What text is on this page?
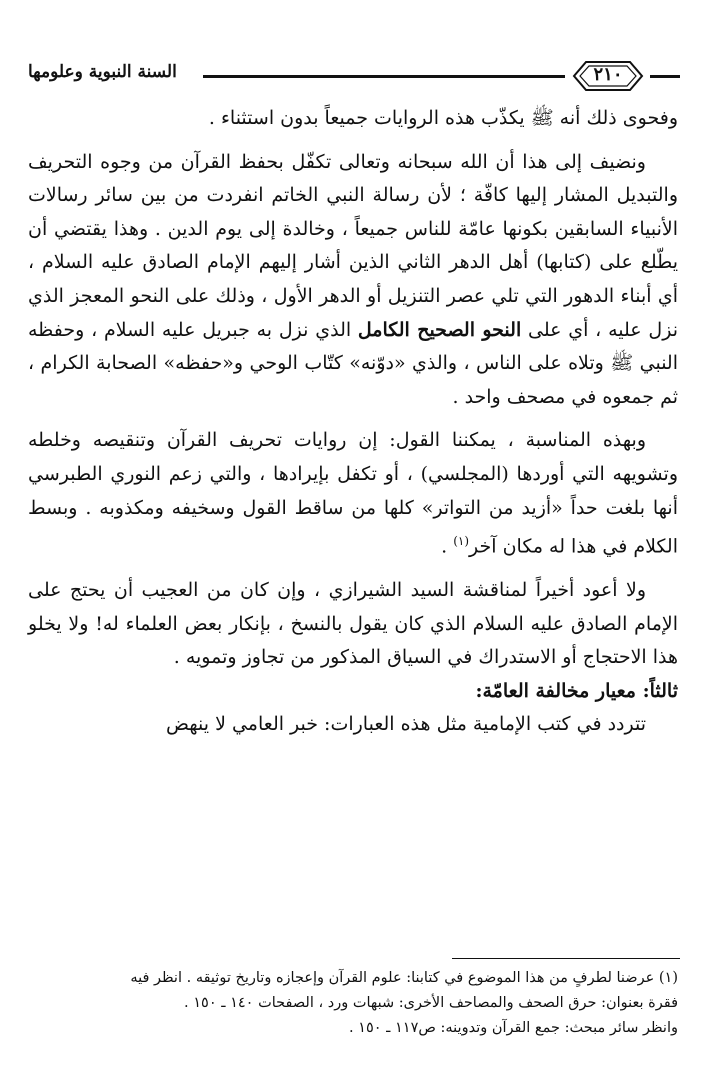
السنة النبوية وعلومها	٢١٠

وفحوى ذلك أنه ﷺ يكذّب هذه الروايات جميعاً بدون استثناء .

ونضيف إلى هذا أن الله سبحانه وتعالى تكفّل بحفظ القرآن من وجوه التحريف والتبديل المشار إليها كافّة ؛ لأن رسالة النبي الخاتم انفردت من بين سائر رسالات الأنبياء السابقين بكونها عامّة للناس جميعاً ، وخالدة إلى يوم الدين . وهذا يقتضي أن يطّلع على (كتابها) أهل الدهر الثاني الذين أشار إليهم الإمام الصادق عليه السلام ، أي أبناء الدهور التي تلي عصر التنزيل أو الدهر الأول ، وذلك على النحو المعجز الذي نزل عليه ، أي على النحو الصحيح الكامل الذي نزل به جبريل عليه السلام ، وحفظه النبي ﷺ وتلاه على الناس ، والذي «دوّنه» كتّاب الوحي و«حفظه» الصحابة الكرام ، ثم جمعوه في مصحف واحد .

وبهذه المناسبة ، يمكننا القول: إن روايات تحريف القرآن وتنقيصه وخلطه وتشويهه التي أوردها (المجلسي) ، أو تكفل بإيرادها ، والتي زعم النوري الطبرسي أنها بلغت حداً «أزيد من التواتر» كلها من ساقط القول وسخيفه ومكذوبه . وبسط الكلام في هذا له مكان آخر$^{(١)}$ .

ولا أعود أخيراً لمناقشة السيد الشيرازي ، وإن كان من العجيب أن يحتج على الإمام الصادق عليه السلام الذي كان يقول بالنسخ ، بإنكار بعض العلماء له! ولا يخلو هذا الاحتجاج أو الاستدراك في السياق المذكور من تجاوز وتمويه .

ثالثاً: معيار مخالفة العامّة:

تتردد في كتب الإمامية مثل هذه العبارات: خبر العامي لا ينهض

(١) عرضنا لطرفٍ من هذا الموضوع في كتابنا: علوم القرآن وإعجازه وتاريخ توثيقه . انظر فيه

فقرة بعنوان: حرق الصحف والمصاحف الأخرى: شبهات ورد ، الصفحات ١٤٠ ـ ١٥٠ .

وانظر سائر مبحث: جمع القرآن وتدوينه: ص١١٧ ـ ١٥٠ .
